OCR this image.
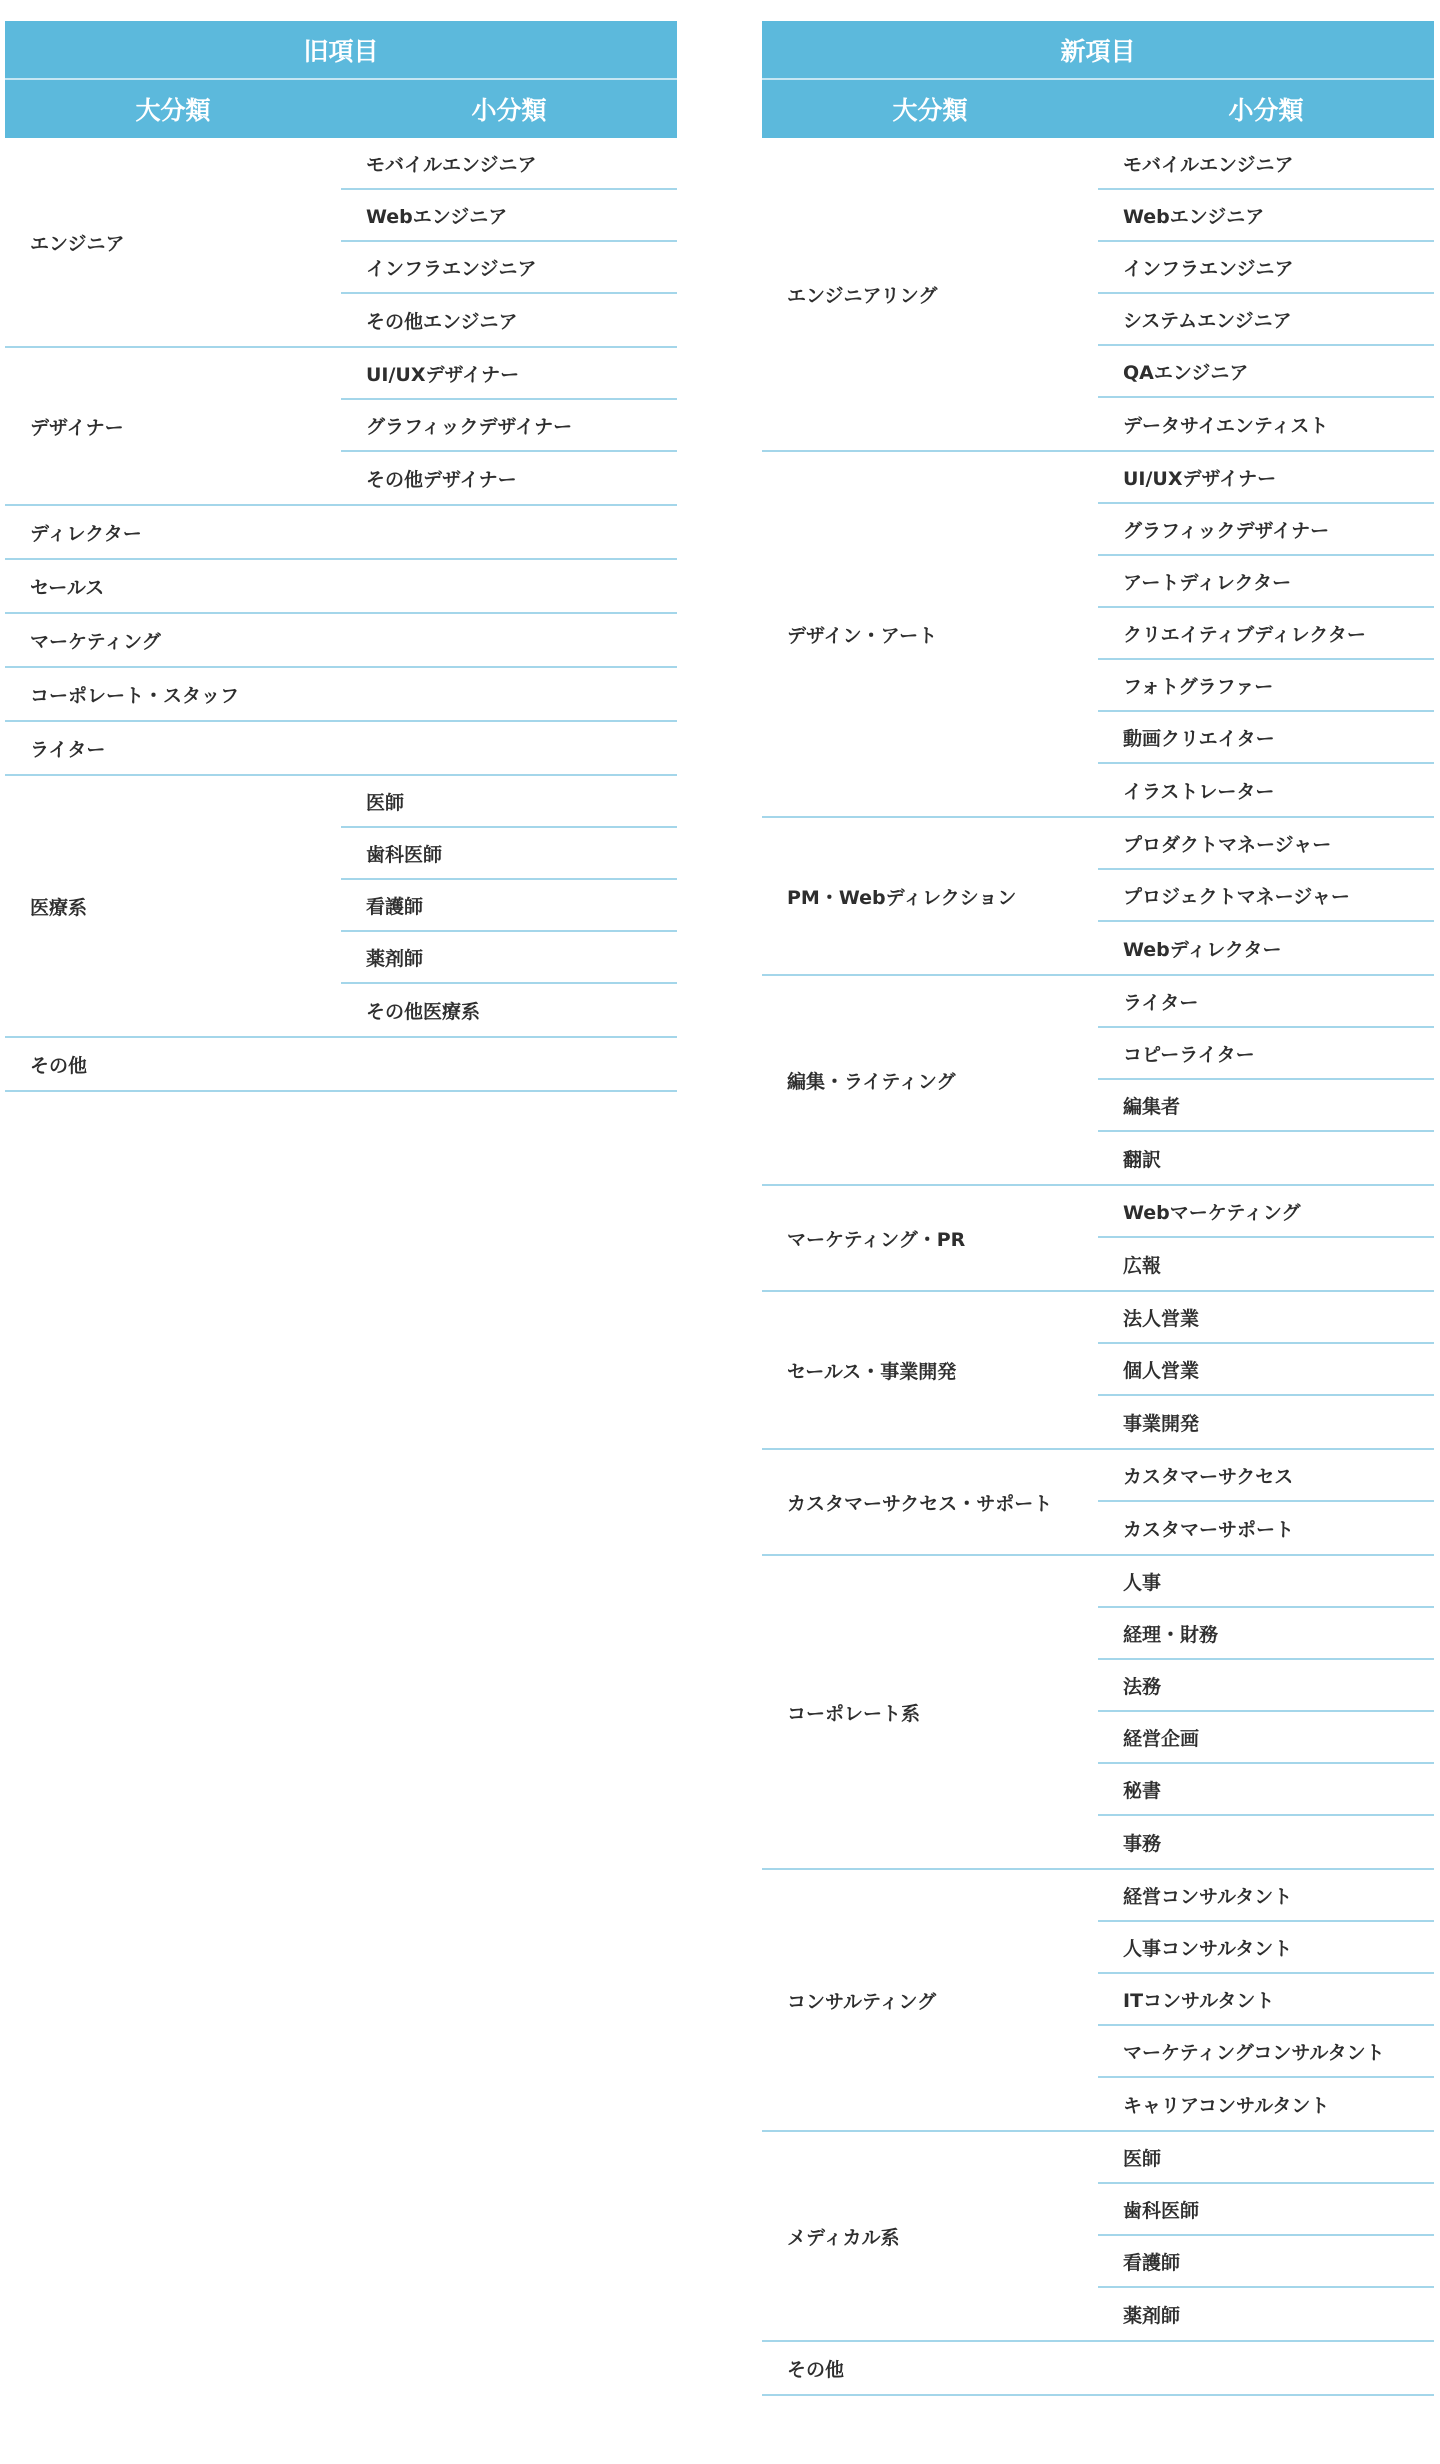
旧項目
大分類	小分類
エンジニア
モバイルエンジニア
Webエンジニア
インフラエンジニア
その他エンジニア
デザイナー
UI/UXデザイナー
グラフィックデザイナー
その他デザイナー
ディレクター
セールス
マーケティング
コーポレート・スタッフ
ライター
医療系
医師
歯科医師
看護師
薬剤師
その他医療系
その他
新項目
大分類	小分類
エンジニアリング
モバイルエンジニア
Webエンジニア
インフラエンジニア
システムエンジニア
QAエンジニア
データサイエンティスト
デザイン・アート
UI/UXデザイナー
グラフィックデザイナー
アートディレクター
クリエイティブディレクター
フォトグラファー
動画クリエイター
イラストレーター
PM・Webディレクション
プロダクトマネージャー
プロジェクトマネージャー
Webディレクター
編集・ライティング
ライター
コピーライター
編集者
翻訳
マーケティング・PR
Webマーケティング
広報
セールス・事業開発
法人営業
個人営業
事業開発
カスタマーサクセス・サポート
カスタマーサクセス
カスタマーサポート
コーポレート系
人事
経理・財務
法務
経営企画
秘書
事務
コンサルティング
経営コンサルタント
人事コンサルタント
ITコンサルタント
マーケティングコンサルタント
キャリアコンサルタント
メディカル系
医師
歯科医師
看護師
薬剤師
その他
